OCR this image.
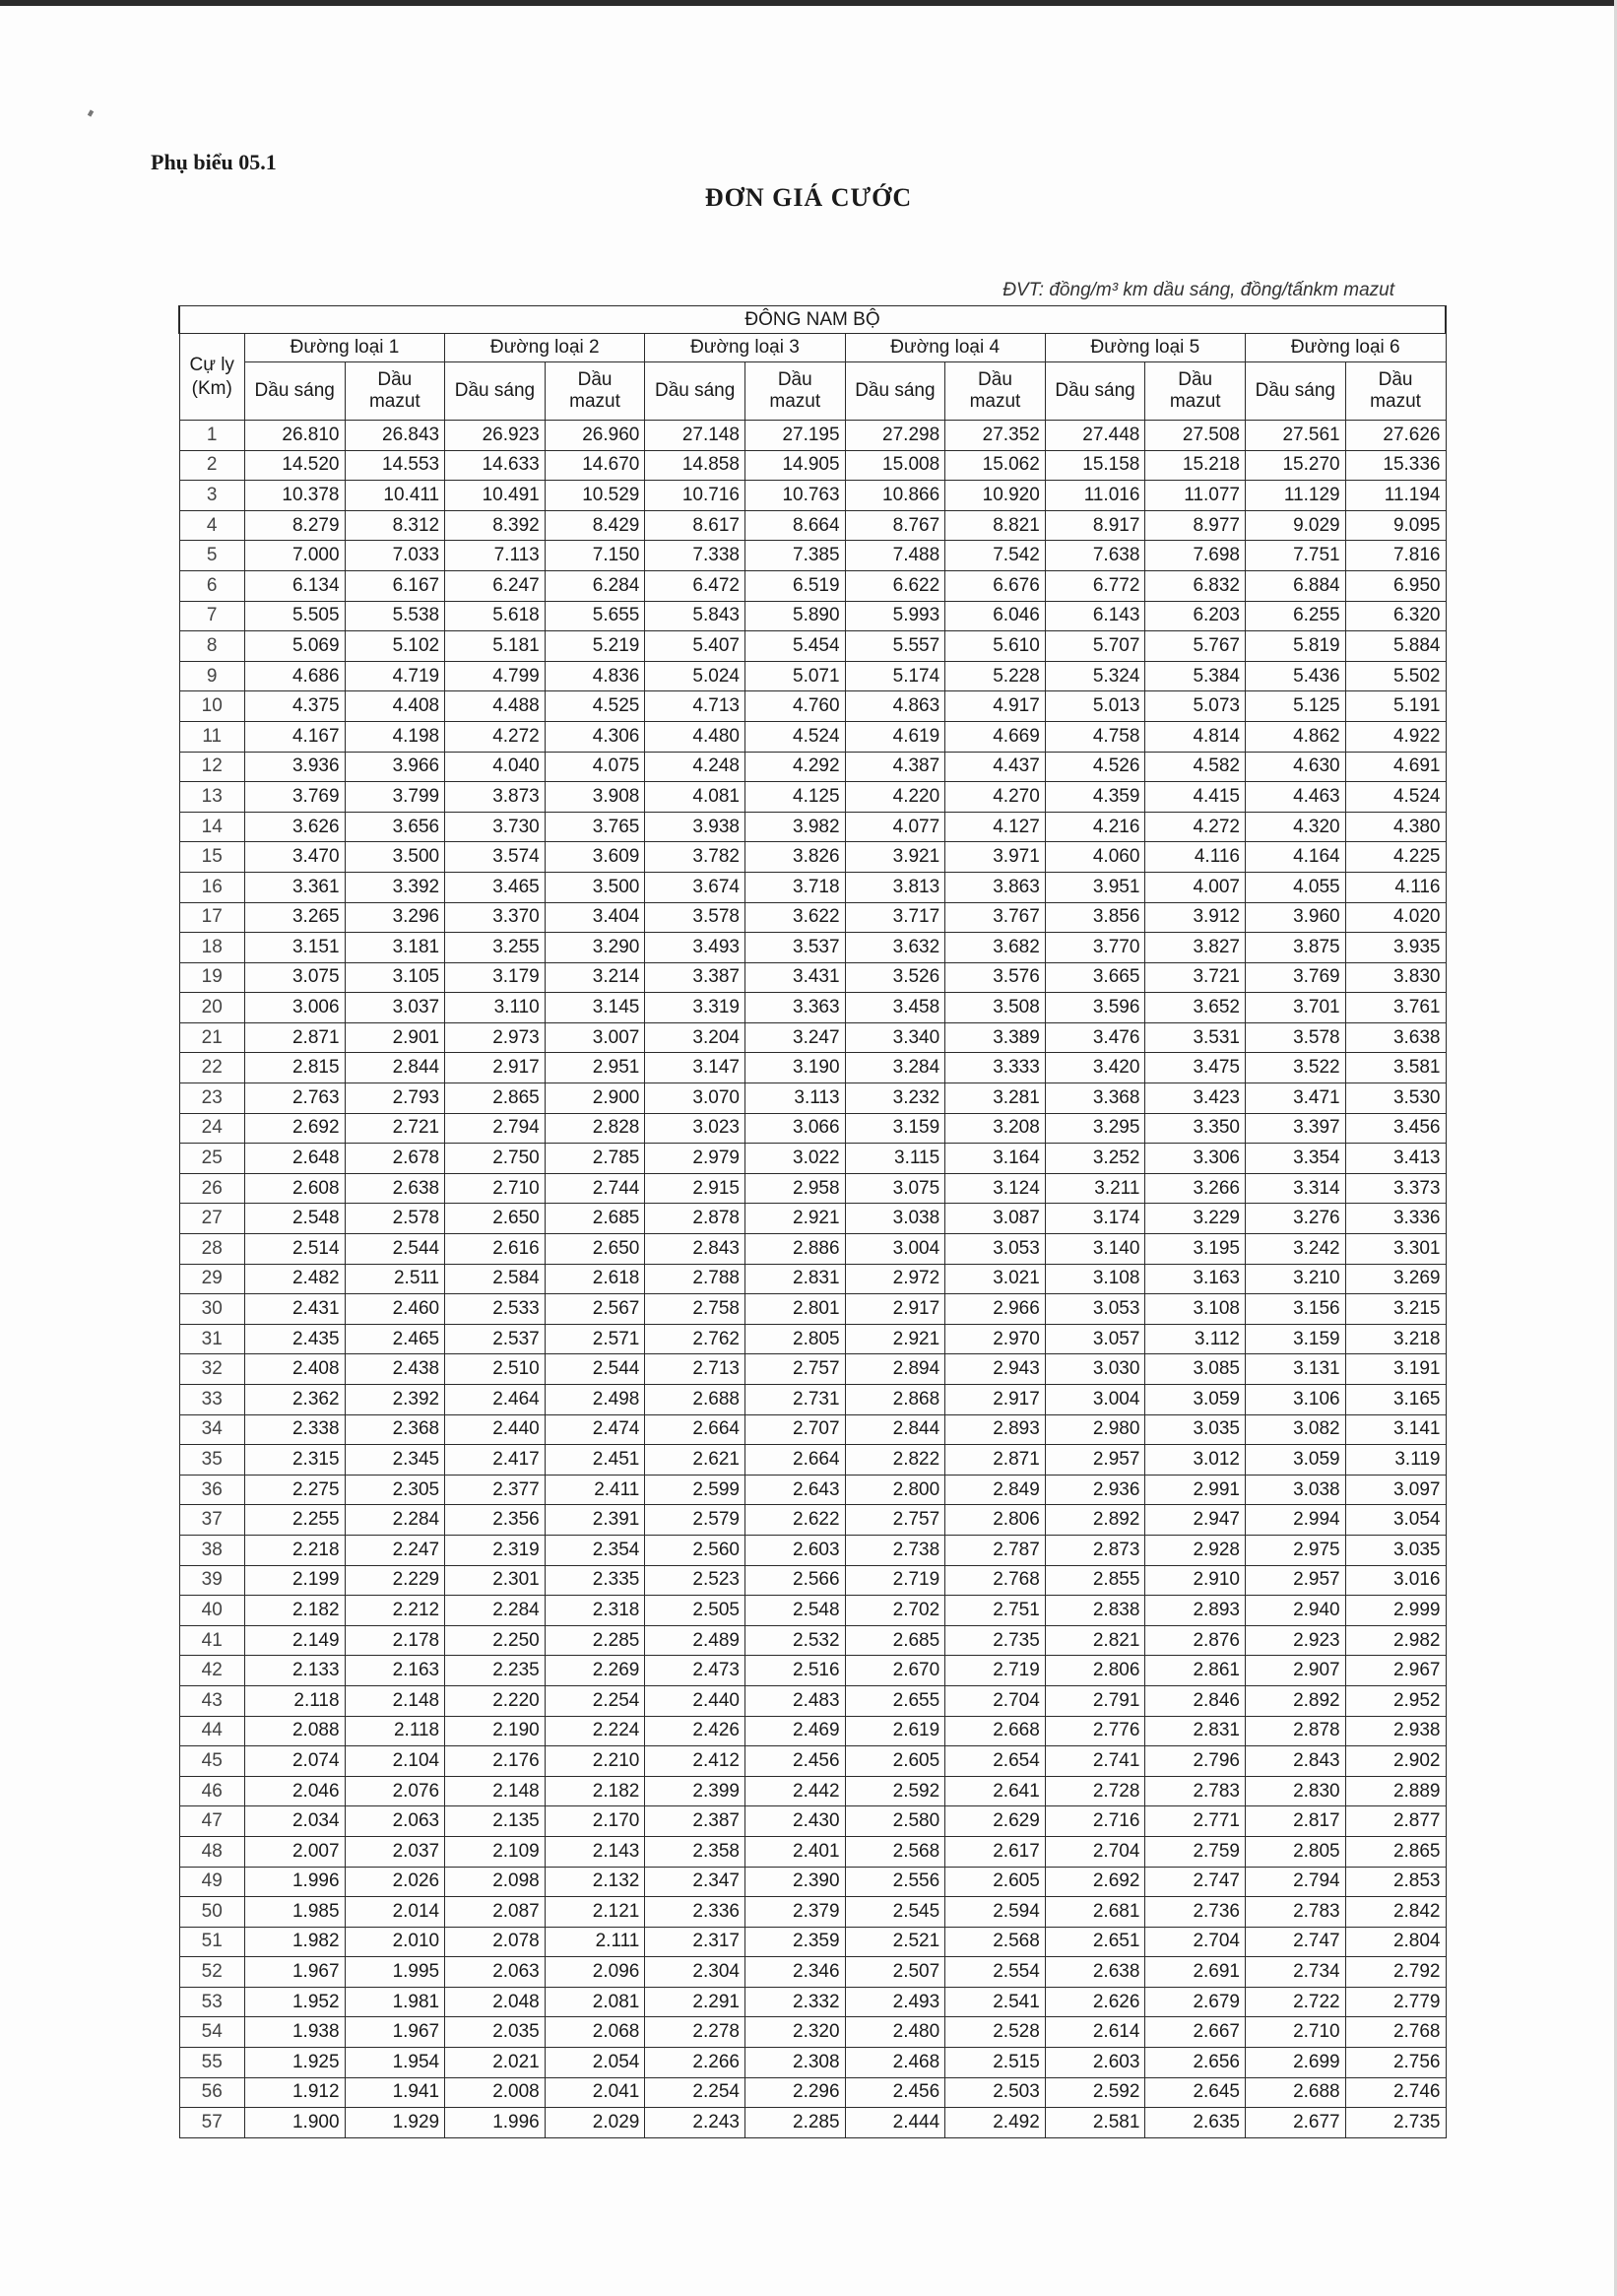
Phụ biểu 05.1
ĐƠN GIÁ CƯỚC
ĐVT: đồng/m³ km dầu sáng, đồng/tấnkm mazut
ĐÔNG NAM BỘ												
Cự ly (Km)	Đường loại 1		Đường loại 2		Đường loại 3		Đường loại 4		Đường loại 5		Đường loại 6	
	Dầu sáng	Dầu mazut	Dầu sáng	Dầu mazut	Dầu sáng	Dầu mazut	Dầu sáng	Dầu mazut	Dầu sáng	Dầu mazut	Dầu sáng	Dầu mazut
1	26.810	26.843	26.923	26.960	27.148	27.195	27.298	27.352	27.448	27.508	27.561	27.626
2	14.520	14.553	14.633	14.670	14.858	14.905	15.008	15.062	15.158	15.218	15.270	15.336
3	10.378	10.411	10.491	10.529	10.716	10.763	10.866	10.920	11.016	11.077	11.129	11.194
4	8.279	8.312	8.392	8.429	8.617	8.664	8.767	8.821	8.917	8.977	9.029	9.095
5	7.000	7.033	7.113	7.150	7.338	7.385	7.488	7.542	7.638	7.698	7.751	7.816
6	6.134	6.167	6.247	6.284	6.472	6.519	6.622	6.676	6.772	6.832	6.884	6.950
7	5.505	5.538	5.618	5.655	5.843	5.890	5.993	6.046	6.143	6.203	6.255	6.320
8	5.069	5.102	5.181	5.219	5.407	5.454	5.557	5.610	5.707	5.767	5.819	5.884
9	4.686	4.719	4.799	4.836	5.024	5.071	5.174	5.228	5.324	5.384	5.436	5.502
10	4.375	4.408	4.488	4.525	4.713	4.760	4.863	4.917	5.013	5.073	5.125	5.191
11	4.167	4.198	4.272	4.306	4.480	4.524	4.619	4.669	4.758	4.814	4.862	4.922
12	3.936	3.966	4.040	4.075	4.248	4.292	4.387	4.437	4.526	4.582	4.630	4.691
13	3.769	3.799	3.873	3.908	4.081	4.125	4.220	4.270	4.359	4.415	4.463	4.524
14	3.626	3.656	3.730	3.765	3.938	3.982	4.077	4.127	4.216	4.272	4.320	4.380
15	3.470	3.500	3.574	3.609	3.782	3.826	3.921	3.971	4.060	4.116	4.164	4.225
16	3.361	3.392	3.465	3.500	3.674	3.718	3.813	3.863	3.951	4.007	4.055	4.116
17	3.265	3.296	3.370	3.404	3.578	3.622	3.717	3.767	3.856	3.912	3.960	4.020
18	3.151	3.181	3.255	3.290	3.493	3.537	3.632	3.682	3.770	3.827	3.875	3.935
19	3.075	3.105	3.179	3.214	3.387	3.431	3.526	3.576	3.665	3.721	3.769	3.830
20	3.006	3.037	3.110	3.145	3.319	3.363	3.458	3.508	3.596	3.652	3.701	3.761
21	2.871	2.901	2.973	3.007	3.204	3.247	3.340	3.389	3.476	3.531	3.578	3.638
22	2.815	2.844	2.917	2.951	3.147	3.190	3.284	3.333	3.420	3.475	3.522	3.581
23	2.763	2.793	2.865	2.900	3.070	3.113	3.232	3.281	3.368	3.423	3.471	3.530
24	2.692	2.721	2.794	2.828	3.023	3.066	3.159	3.208	3.295	3.350	3.397	3.456
25	2.648	2.678	2.750	2.785	2.979	3.022	3.115	3.164	3.252	3.306	3.354	3.413
26	2.608	2.638	2.710	2.744	2.915	2.958	3.075	3.124	3.211	3.266	3.314	3.373
27	2.548	2.578	2.650	2.685	2.878	2.921	3.038	3.087	3.174	3.229	3.276	3.336
28	2.514	2.544	2.616	2.650	2.843	2.886	3.004	3.053	3.140	3.195	3.242	3.301
29	2.482	2.511	2.584	2.618	2.788	2.831	2.972	3.021	3.108	3.163	3.210	3.269
30	2.431	2.460	2.533	2.567	2.758	2.801	2.917	2.966	3.053	3.108	3.156	3.215
31	2.435	2.465	2.537	2.571	2.762	2.805	2.921	2.970	3.057	3.112	3.159	3.218
32	2.408	2.438	2.510	2.544	2.713	2.757	2.894	2.943	3.030	3.085	3.131	3.191
33	2.362	2.392	2.464	2.498	2.688	2.731	2.868	2.917	3.004	3.059	3.106	3.165
34	2.338	2.368	2.440	2.474	2.664	2.707	2.844	2.893	2.980	3.035	3.082	3.141
35	2.315	2.345	2.417	2.451	2.621	2.664	2.822	2.871	2.957	3.012	3.059	3.119
36	2.275	2.305	2.377	2.411	2.599	2.643	2.800	2.849	2.936	2.991	3.038	3.097
37	2.255	2.284	2.356	2.391	2.579	2.622	2.757	2.806	2.892	2.947	2.994	3.054
38	2.218	2.247	2.319	2.354	2.560	2.603	2.738	2.787	2.873	2.928	2.975	3.035
39	2.199	2.229	2.301	2.335	2.523	2.566	2.719	2.768	2.855	2.910	2.957	3.016
40	2.182	2.212	2.284	2.318	2.505	2.548	2.702	2.751	2.838	2.893	2.940	2.999
41	2.149	2.178	2.250	2.285	2.489	2.532	2.685	2.735	2.821	2.876	2.923	2.982
42	2.133	2.163	2.235	2.269	2.473	2.516	2.670	2.719	2.806	2.861	2.907	2.967
43	2.118	2.148	2.220	2.254	2.440	2.483	2.655	2.704	2.791	2.846	2.892	2.952
44	2.088	2.118	2.190	2.224	2.426	2.469	2.619	2.668	2.776	2.831	2.878	2.938
45	2.074	2.104	2.176	2.210	2.412	2.456	2.605	2.654	2.741	2.796	2.843	2.902
46	2.046	2.076	2.148	2.182	2.399	2.442	2.592	2.641	2.728	2.783	2.830	2.889
47	2.034	2.063	2.135	2.170	2.387	2.430	2.580	2.629	2.716	2.771	2.817	2.877
48	2.007	2.037	2.109	2.143	2.358	2.401	2.568	2.617	2.704	2.759	2.805	2.865
49	1.996	2.026	2.098	2.132	2.347	2.390	2.556	2.605	2.692	2.747	2.794	2.853
50	1.985	2.014	2.087	2.121	2.336	2.379	2.545	2.594	2.681	2.736	2.783	2.842
51	1.982	2.010	2.078	2.111	2.317	2.359	2.521	2.568	2.651	2.704	2.747	2.804
52	1.967	1.995	2.063	2.096	2.304	2.346	2.507	2.554	2.638	2.691	2.734	2.792
53	1.952	1.981	2.048	2.081	2.291	2.332	2.493	2.541	2.626	2.679	2.722	2.779
54	1.938	1.967	2.035	2.068	2.278	2.320	2.480	2.528	2.614	2.667	2.710	2.768
55	1.925	1.954	2.021	2.054	2.266	2.308	2.468	2.515	2.603	2.656	2.699	2.756
56	1.912	1.941	2.008	2.041	2.254	2.296	2.456	2.503	2.592	2.645	2.688	2.746
57	1.900	1.929	1.996	2.029	2.243	2.285	2.444	2.492	2.581	2.635	2.677	2.735
